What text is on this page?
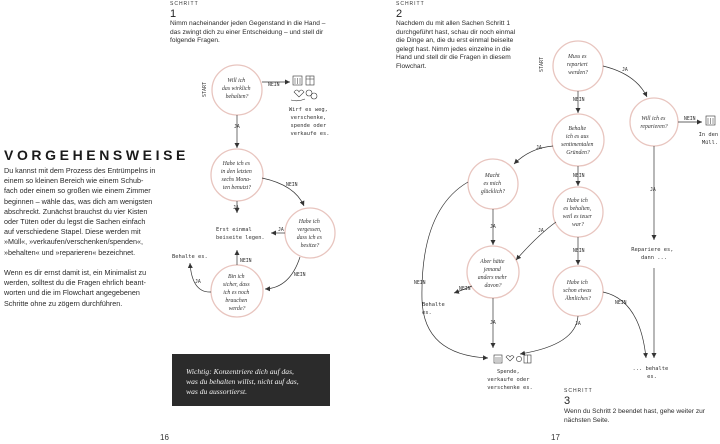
SCHRITT
1
Nimm nacheinander jeden Gegenstand in die Hand –
das zwingt dich zu einer Entscheidung – und stell dir
folgende Fragen.
VORGEHENSWEISE
Du kannst mit dem Prozess des Entrümpelns in
einem so kleinen Bereich wie einem Schub-
fach oder einem so großen wie einem Zimmer
beginnen – wähle das, was dich am wenigsten
abschreckt. Zunächst brauchst du vier Kisten
oder Tüten oder du legst die Sachen einfach
auf verschiedene Stapel. Diese werden mit
»Müll«, »verkaufen/verschenken/spenden«,
»behalten« und »reparieren« bezeichnet.
Wenn es dir ernst damit ist, ein Minimalist zu
werden, solltest du die Fragen ehrlich beant-
worten und die im Flowchart angegebenen
Schritte ohne zu zögern durchführen.
Wichtig: Konzentriere dich auf das,
was du behalten willst, nicht auf das,
was du aussortierst.
16
START
Will ich das wirklich behalten?
Habe ich es in den letzten sechs Mona- ten benutzt?
Habe ich vergessen, dass ich es besitze?
Bin ich sicher, dass ich es noch brauchen werde?
NEIN
JA
NEIN
JA
JA
NEIN
NEIN
JA
Erst einmal beiseite legen.
Behalte es.
Wirf es weg, verschenke, spende oder verkaufe es.
SCHRITT
2
Nachdem du mit allen Sachen Schritt 1
durchgeführt hast, schau dir noch einmal
die Dinge an, die du erst einmal beiseite
gelegt hast. Nimm jedes einzelne in die
Hand und stell dir die Fragen in diesem
Flowchart.
SCHRITT
3
Wenn du Schritt 2 beendet hast, gehe weiter zur
nächsten Seite.
17
START	Muss es repariert werden?
Will ich es reparieren?
Behalte ich es aus sentimentalen Gründen?
Macht es mich glücklich?
Habe ich es behalten, weil es teuer war?
Aber hätte jemand anders mehr davon?	Habe ich schon etwas Ähnliches?
JA
NEIN
NEIN
JA
JA
NEIN
JA
JA
NEIN
NEIN
NEIN
JA	JA
NEIN
In den Müll.
Repariere es, dann ...
Behalte es.
Spende, verkaufe oder verschenke es.
... behalte es.
